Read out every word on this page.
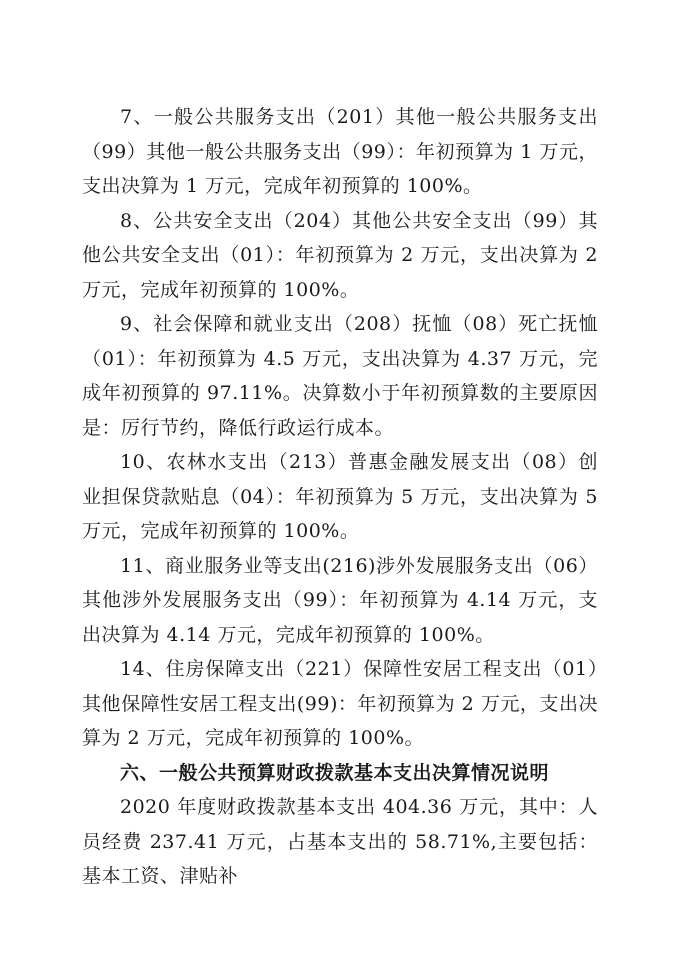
7、一般公共服务支出（201）其他一般公共服务支出（99）其他一般公共服务支出（99）：年初预算为 1 万元，支出决算为 1 万元，完成年初预算的 100%。

8、公共安全支出（204）其他公共安全支出（99）其他公共安全支出（01）：年初预算为 2 万元，支出决算为 2 万元，完成年初预算的 100%。

9、社会保障和就业支出（208）抚恤（08）死亡抚恤（01）：年初预算为 4.5 万元，支出决算为 4.37 万元，完成年初预算的 97.11%。决算数小于年初预算数的主要原因是：厉行节约，降低行政运行成本。

10、农林水支出（213）普惠金融发展支出（08）创业担保贷款贴息（04）：年初预算为 5 万元，支出决算为 5 万元，完成年初预算的 100%。

11、商业服务业等支出(216)涉外发展服务支出（06）其他涉外发展服务支出（99）：年初预算为 4.14 万元，支出决算为 4.14 万元，完成年初预算的 100%。

14、住房保障支出（221）保障性安居工程支出（01）其他保障性安居工程支出(99)：年初预算为 2 万元，支出决算为 2 万元，完成年初预算的 100%。

六、一般公共预算财政拨款基本支出决算情况说明

2020 年度财政拨款基本支出 404.36 万元，其中：人员经费 237.41 万元，占基本支出的 58.71%,主要包括：基本工资、津贴补
